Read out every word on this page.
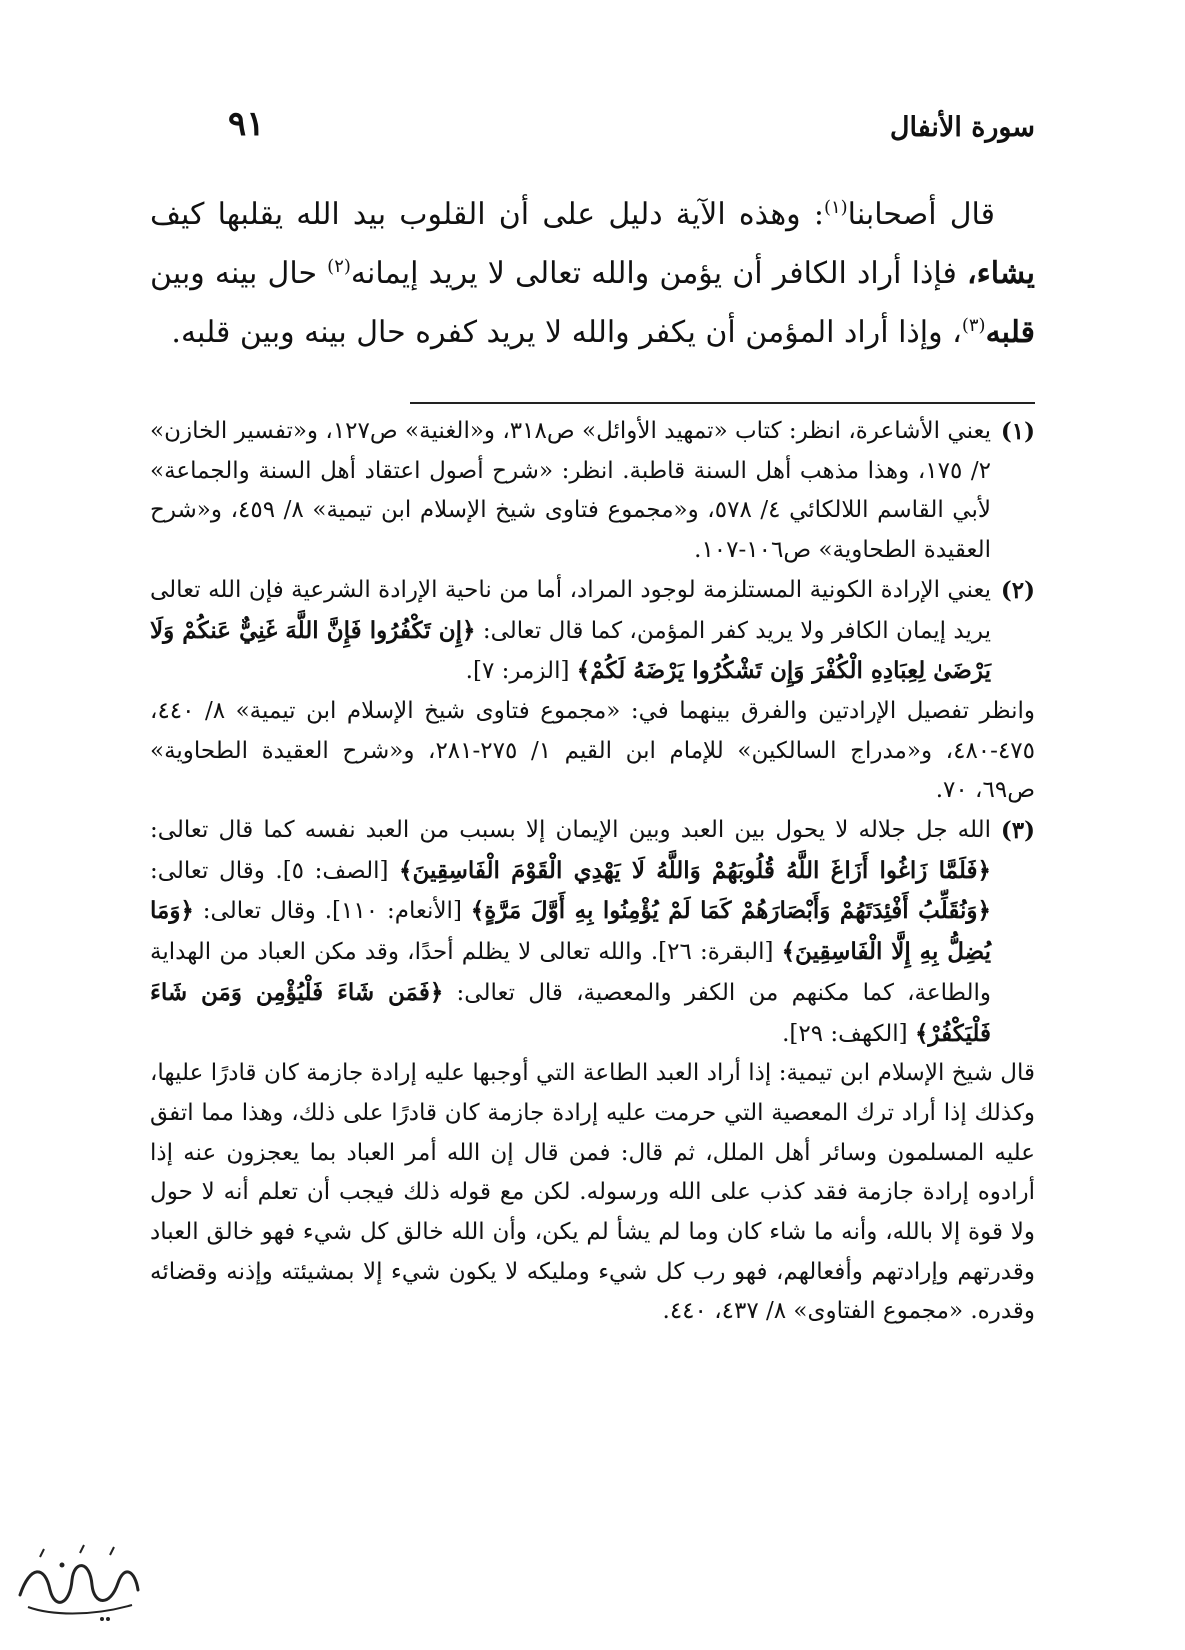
سورة الأنفال
٩١

قال أصحابنا$^{(١)}$: وهذه الآية دليل على أن القلوب بيد الله يقلبها كيف يشاء، فإذا أراد الكافر أن يؤمن والله تعالى لا يريد إيمانه$^{(٢)}$ حال بينه وبين قلبه$^{(٣)}$، وإذا أراد المؤمن أن يكفر والله لا يريد كفره حال بينه وبين قلبه.

(١)

يعني الأشاعرة، انظر: كتاب «تمهيد الأوائل» ص٣١٨، و«الغنية» ص١٢٧، و«تفسير الخازن» ٢/ ١٧٥، وهذا مذهب أهل السنة قاطبة. انظر: «شرح أصول اعتقاد أهل السنة والجماعة» لأبي القاسم اللالكائي ٤/ ٥٧٨، و«مجموع فتاوى شيخ الإسلام ابن تيمية» ٨/ ٤٥٩، و«شرح العقيدة الطحاوية» ص١٠٦-١٠٧.

(٢)

يعني الإرادة الكونية المستلزمة لوجود المراد، أما من ناحية الإرادة الشرعية فإن الله تعالى يريد إيمان الكافر ولا يريد كفر المؤمن، كما قال تعالى: ﴿إِن تَكْفُرُوا فَإِنَّ اللَّهَ غَنِيٌّ عَنكُمْ وَلَا يَرْضَىٰ لِعِبَادِهِ الْكُفْرَ وَإِن تَشْكُرُوا يَرْضَهُ لَكُمْ﴾ [الزمر: ٧].

وانظر تفصيل الإرادتين والفرق بينهما في: «مجموع فتاوى شيخ الإسلام ابن تيمية» ٨/ ٤٤٠، ٤٧٥-٤٨٠، و«مدراج السالكين» للإمام ابن القيم ١/ ٢٧٥-٢٨١، و«شرح العقيدة الطحاوية» ص٦٩، ٧٠.

(٣)

الله جل جلاله لا يحول بين العبد وبين الإيمان إلا بسبب من العبد نفسه كما قال تعالى: ﴿فَلَمَّا زَاغُوا أَزَاغَ اللَّهُ قُلُوبَهُمْ وَاللَّهُ لَا يَهْدِي الْقَوْمَ الْفَاسِقِينَ﴾ [الصف: ٥]. وقال تعالى: ﴿وَنُقَلِّبُ أَفْئِدَتَهُمْ وَأَبْصَارَهُمْ كَمَا لَمْ يُؤْمِنُوا بِهِ أَوَّلَ مَرَّةٍ﴾ [الأنعام: ١١٠]. وقال تعالى: ﴿وَمَا يُضِلُّ بِهِ إِلَّا الْفَاسِقِينَ﴾ [البقرة: ٢٦]. والله تعالى لا يظلم أحدًا، وقد مكن العباد من الهداية والطاعة، كما مكنهم من الكفر والمعصية، قال تعالى: ﴿فَمَن شَاءَ فَلْيُؤْمِن وَمَن شَاءَ فَلْيَكْفُرْ﴾ [الكهف: ٢٩].

قال شيخ الإسلام ابن تيمية: إذا أراد العبد الطاعة التي أوجبها عليه إرادة جازمة كان قادرًا عليها، وكذلك إذا أراد ترك المعصية التي حرمت عليه إرادة جازمة كان قادرًا على ذلك، وهذا مما اتفق عليه المسلمون وسائر أهل الملل، ثم قال: فمن قال إن الله أمر العباد بما يعجزون عنه إذا أرادوه إرادة جازمة فقد كذب على الله ورسوله. لكن مع قوله ذلك فيجب أن تعلم أنه لا حول ولا قوة إلا بالله، وأنه ما شاء كان وما لم يشأ لم يكن، وأن الله خالق كل شيء فهو خالق العباد وقدرتهم وإرادتهم وأفعالهم، فهو رب كل شيء ومليكه لا يكون شيء إلا بمشيئته وإذنه وقضائه وقدره. «مجموع الفتاوى» ٨/ ٤٣٧، ٤٤٠.
